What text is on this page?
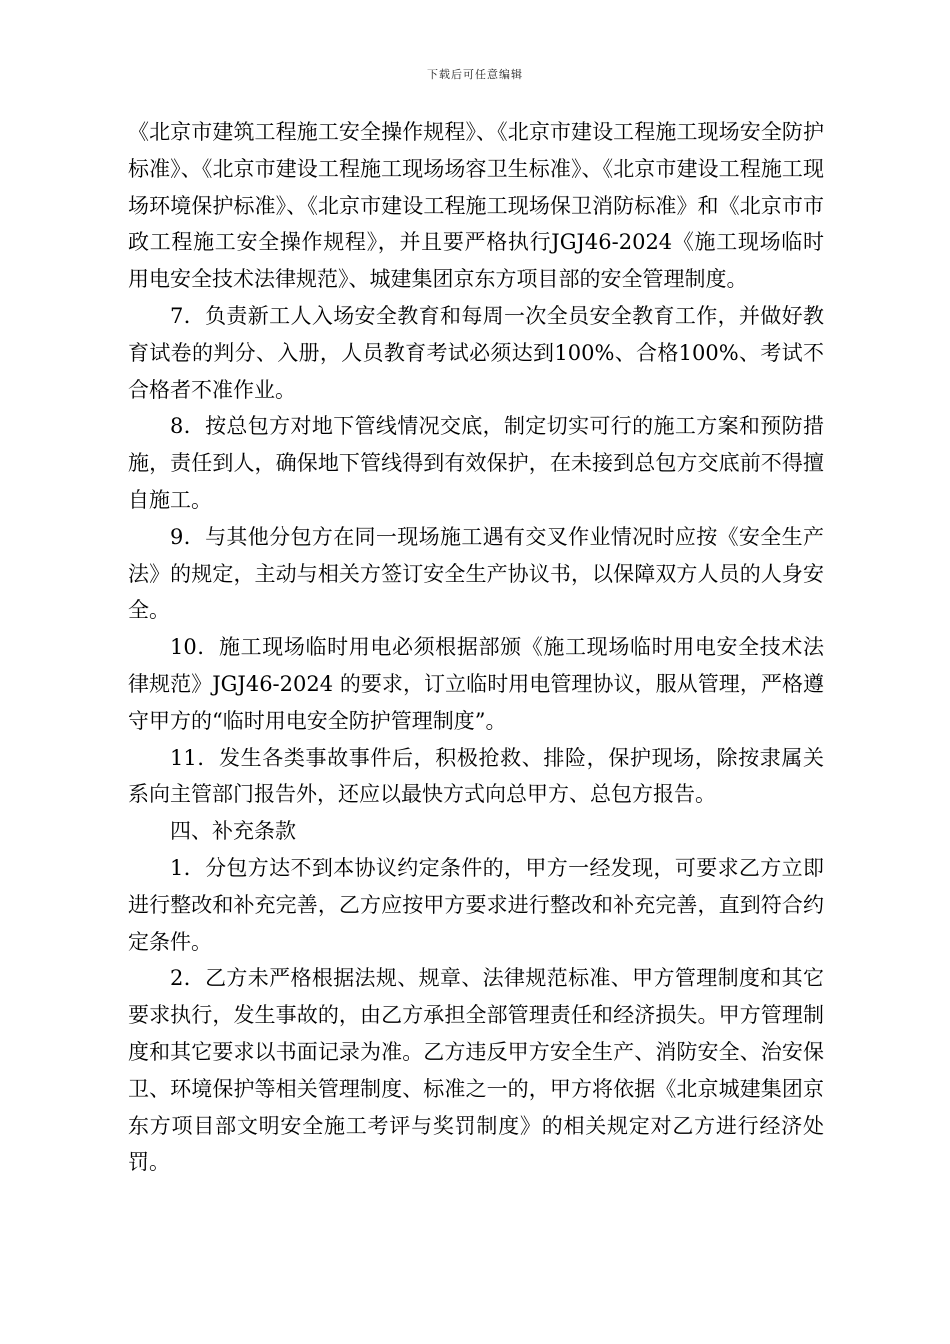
下载后可任意编辑

《北京市建筑工程施工安全操作规程》、《北京市建设工程施工现场安全防护标准》、《北京市建设工程施工现场场容卫生标准》、《北京市建设工程施工现场环境保护标准》、《北京市建设工程施工现场保卫消防标准》和《北京市市政工程施工安全操作规程》，并且要严格执行JGJ46-2024《施工现场临时用电安全技术法律规范》、城建集团京东方项目部的安全管理制度。

7．负责新工人入场安全教育和每周一次全员安全教育工作，并做好教育试卷的判分、入册，人员教育考试必须达到100%、合格100%、考试不合格者不准作业。

8．按总包方对地下管线情况交底，制定切实可行的施工方案和预防措施，责任到人，确保地下管线得到有效保护，在未接到总包方交底前不得擅自施工。

9．与其他分包方在同一现场施工遇有交叉作业情况时应按《安全生产法》的规定，主动与相关方签订安全生产协议书，以保障双方人员的人身安全。

10．施工现场临时用电必须根据部颁《施工现场临时用电安全技术法律规范》JGJ46-2024 的要求，订立临时用电管理协议，服从管理，严格遵守甲方的“临时用电安全防护管理制度”。

11．发生各类事故事件后，积极抢救、排险，保护现场，除按隶属关系向主管部门报告外，还应以最快方式向总甲方、总包方报告。

四、补充条款

1．分包方达不到本协议约定条件的，甲方一经发现，可要求乙方立即进行整改和补充完善，乙方应按甲方要求进行整改和补充完善，直到符合约定条件。

2．乙方未严格根据法规、规章、法律规范标准、甲方管理制度和其它要求执行，发生事故的，由乙方承担全部管理责任和经济损失。甲方管理制度和其它要求以书面记录为准。乙方违反甲方安全生产、消防安全、治安保卫、环境保护等相关管理制度、标准之一的，甲方将依据《北京城建集团京东方项目部文明安全施工考评与奖罚制度》的相关规定对乙方进行经济处罚。
